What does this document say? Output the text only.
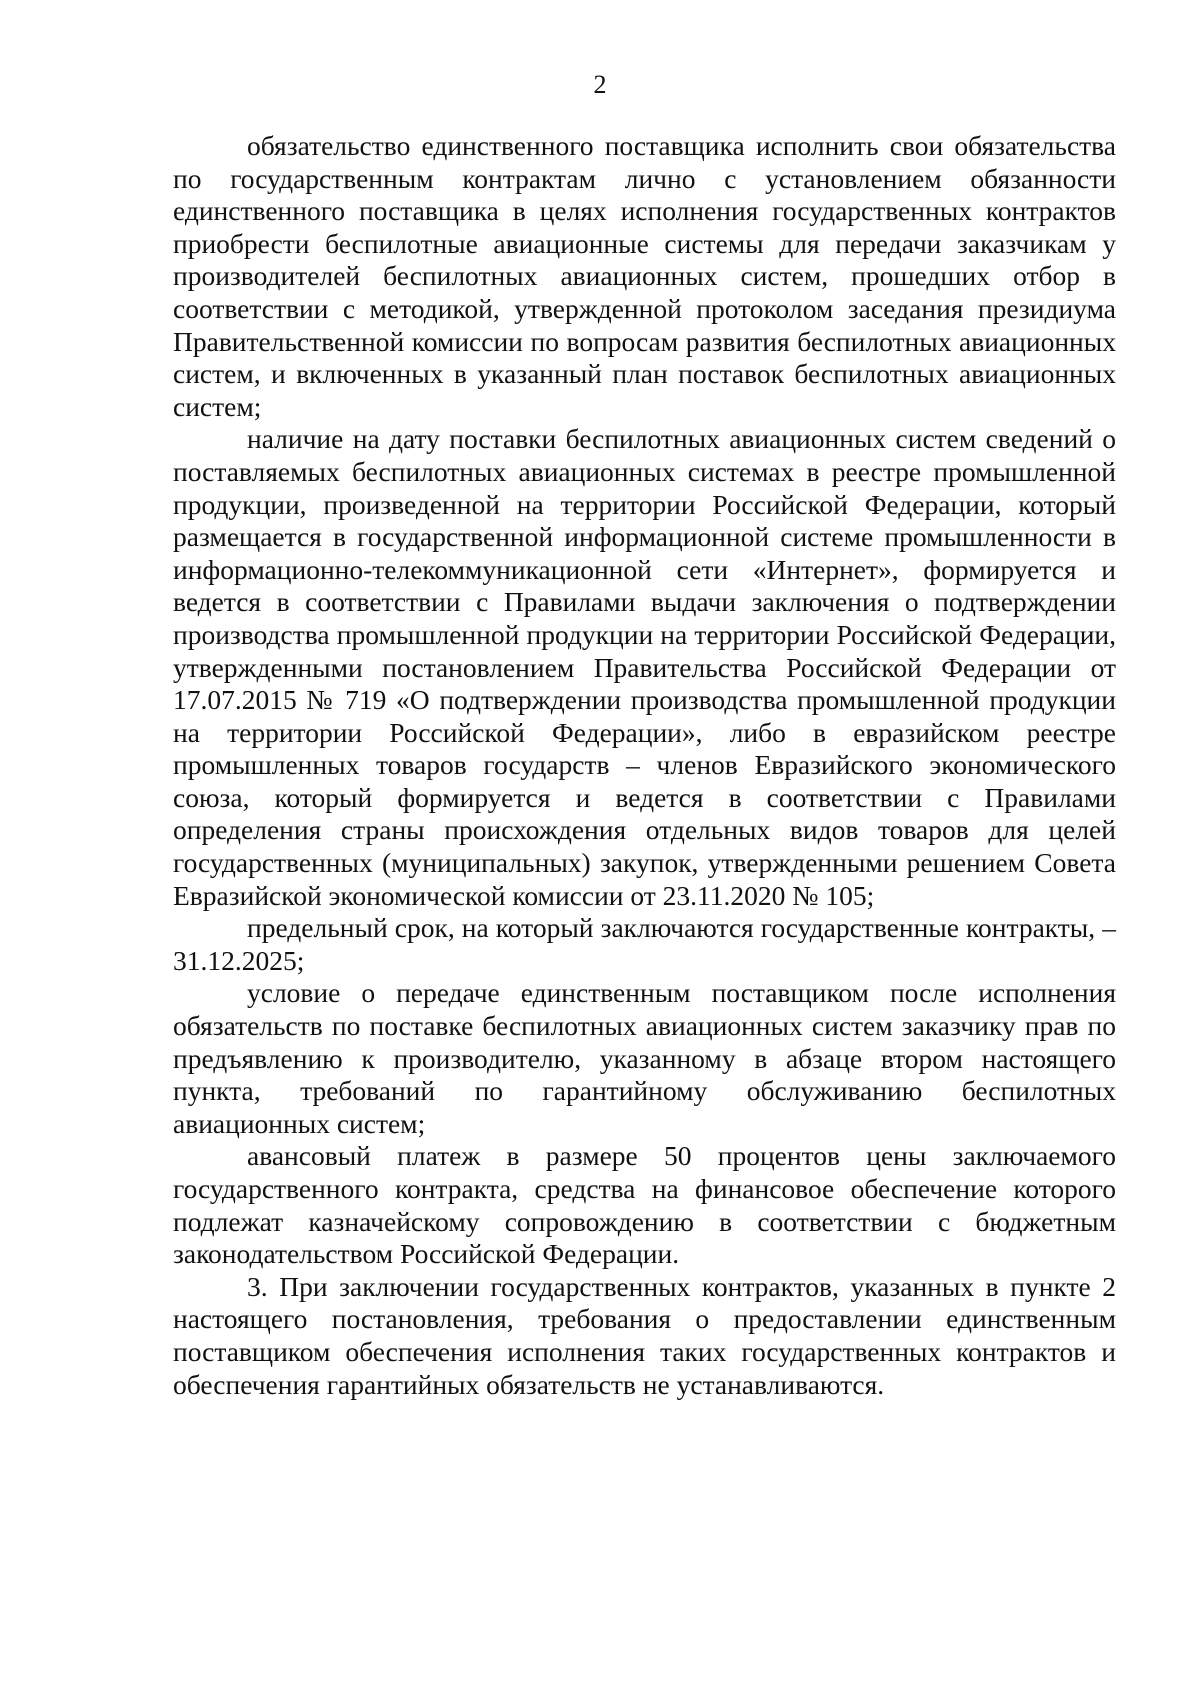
2

обязательство единственного поставщика исполнить свои обязательства по государственным контрактам лично с установлением обязанности единственного поставщика в целях исполнения государственных контрактов приобрести беспилотные авиационные системы для передачи заказчикам у производителей беспилотных авиационных систем, прошедших отбор в соответствии с методикой, утвержденной протоколом заседания президиума Правительственной комиссии по вопросам развития беспилотных авиационных систем, и включенных в указанный план поставок беспилотных авиационных систем;

наличие на дату поставки беспилотных авиационных систем сведений о поставляемых беспилотных авиационных системах в реестре промышленной продукции, произведенной на территории Российской Федерации, который размещается в государственной информационной системе промышленности в информационно-телекоммуникационной сети «Интернет», формируется и ведется в соответствии с Правилами выдачи заключения о подтверждении производства промышленной продукции на территории Российской Федерации, утвержденными постановлением Правительства Российской Федерации от 17.07.2015 № 719 «О подтверждении производства промышленной продукции на территории Российской Федерации», либо в евразийском реестре промышленных товаров государств – членов Евразийского экономического союза, который формируется и ведется в соответствии с Правилами определения страны происхождения отдельных видов товаров для целей государственных (муниципальных) закупок, утвержденными решением Совета Евразийской экономической комиссии от 23.11.2020 № 105;

предельный срок, на который заключаются государственные контракты, – 31.12.2025;

условие о передаче единственным поставщиком после исполнения обязательств по поставке беспилотных авиационных систем заказчику прав по предъявлению к производителю, указанному в абзаце втором настоящего пункта, требований по гарантийному обслуживанию беспилотных авиационных систем;

авансовый платеж в размере 50 процентов цены заключаемого государственного контракта, средства на финансовое обеспечение которого подлежат казначейскому сопровождению в соответствии с бюджетным законодательством Российской Федерации.

3. При заключении государственных контрактов, указанных в пункте 2 настоящего постановления, требования о предоставлении единственным поставщиком обеспечения исполнения таких государственных контрактов и обеспечения гарантийных обязательств не устанавливаются.
